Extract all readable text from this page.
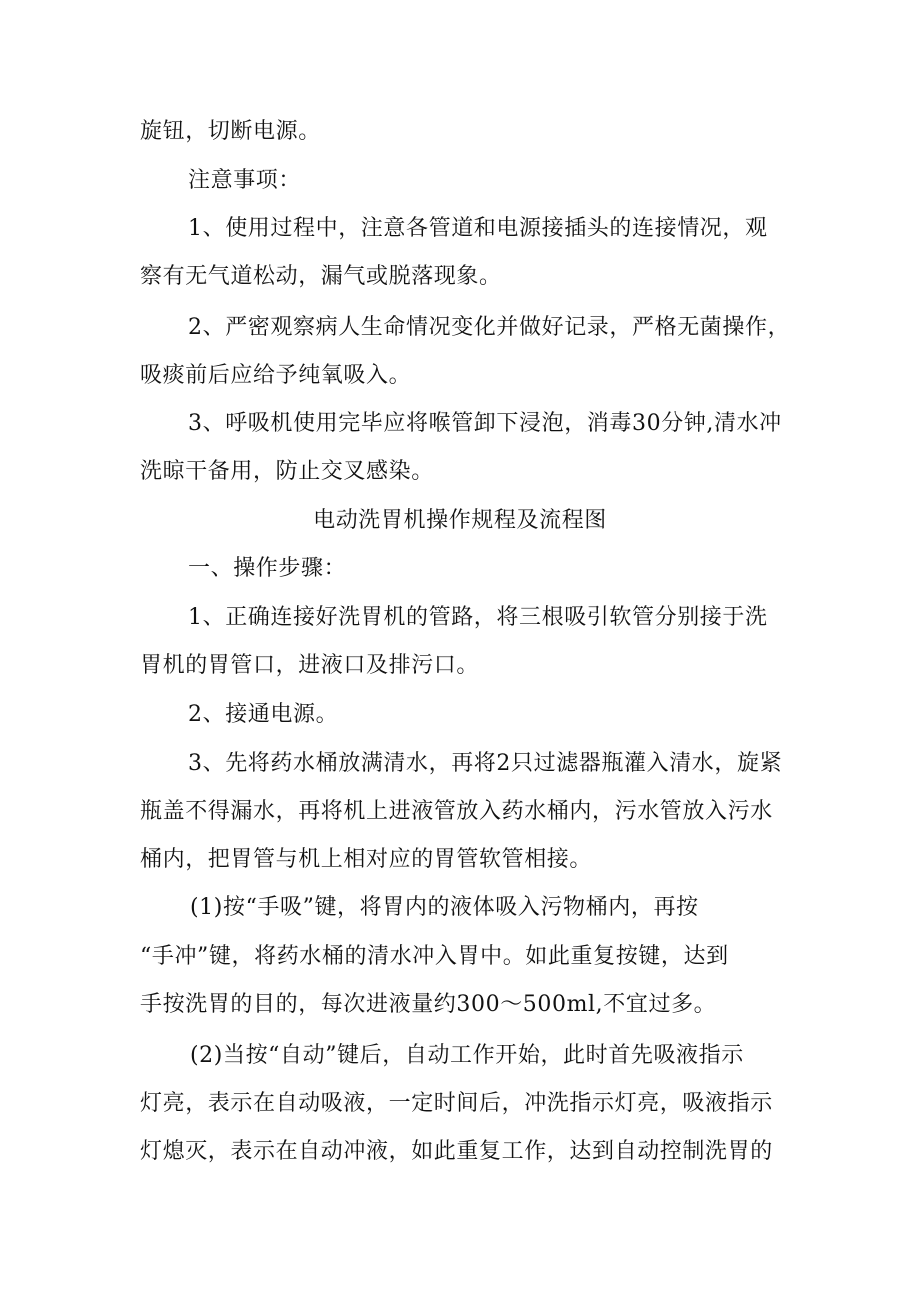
旋钮，切断电源。
注意事项：
1、使用过程中，注意各管道和电源接插头的连接情况，观
察有无气道松动，漏气或脱落现象。
2、严密观察病人生命情况变化并做好记录，严格无菌操作，
吸痰前后应给予纯氧吸入。
3、呼吸机使用完毕应将喉管卸下浸泡，消毒30分钟,清水冲
洗晾干备用，防止交叉感染。
电动洗胃机操作规程及流程图
一、操作步骤：
1、正确连接好洗胃机的管路，将三根吸引软管分别接于洗
胃机的胃管口，进液口及排污口。
2、接通电源。
3、先将药水桶放满清水，再将2只过滤器瓶灌入清水，旋紧
瓶盖不得漏水，再将机上进液管放入药水桶内，污水管放入污水
桶内，把胃管与机上相对应的胃管软管相接。
(1)按“手吸”键，将胃内的液体吸入污物桶内，再按
“手冲”键，将药水桶的清水冲入胃中。如此重复按键，达到
手按洗胃的目的，每次进液量约300～500ml,不宜过多。
(2)当按“自动”键后，自动工作开始，此时首先吸液指示
灯亮，表示在自动吸液，一定时间后，冲洗指示灯亮，吸液指示
灯熄灭，表示在自动冲液，如此重复工作，达到自动控制洗胃的
